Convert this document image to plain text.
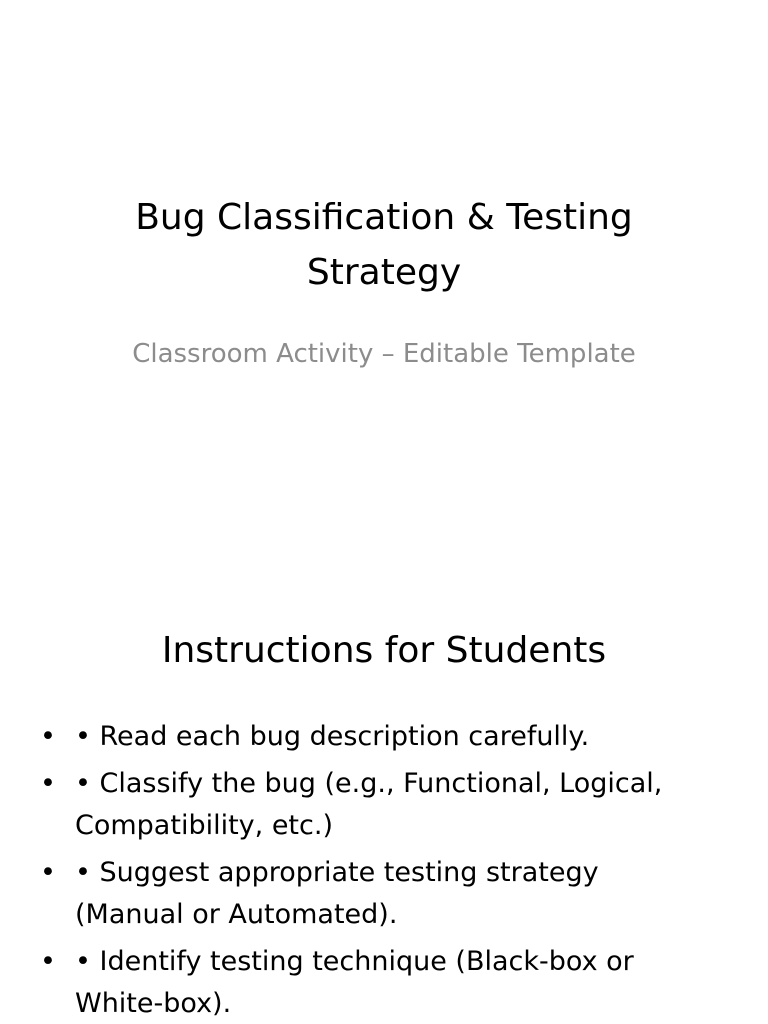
Bug Classification & Testing Strategy

Classroom Activity – Editable Template

Instructions for Students
• • Read each bug description carefully.
• • Classify the bug (e.g., Functional, Logical, Compatibility, etc.)
• • Suggest appropriate testing strategy (Manual or Automated).
• • Identify testing technique (Black-box or White-box).
